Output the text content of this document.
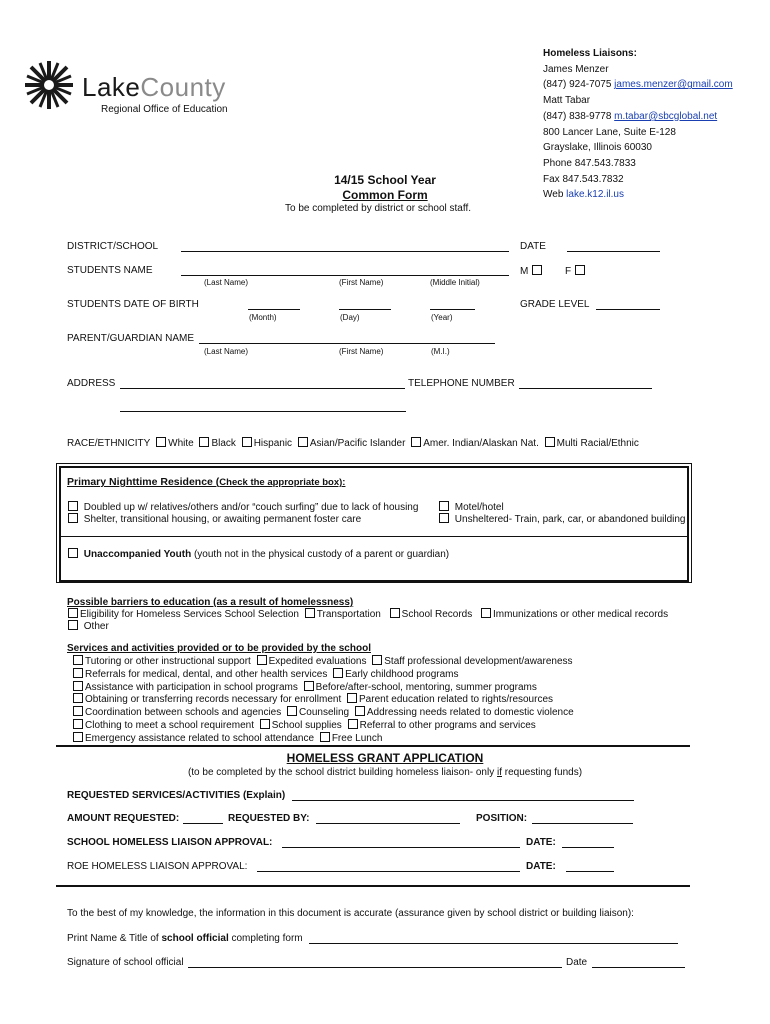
LakeCounty
Regional Office of Education
Homeless Liaisons:
James Menzer
(847) 924-7075 james.menzer@gmail.com
Matt Tabar
(847) 838-9778 m.tabar@sbcglobal.net
800 Lancer Lane, Suite E-128
Grayslake, Illinois 60030
Phone 847.543.7833
Fax 847.543.7832
Web lake.k12.il.us
14/15 School Year
Common Form
To be completed by district or school staff.
DISTRICT/SCHOOL	DATE
STUDENTS NAME	M	F
(Last Name)	(First Name)	(Middle Initial)
STUDENTS DATE OF BIRTH
(Month)	(Day)	(Year)
GRADE LEVEL
PARENT/GUARDIAN NAME
(Last Name)	(First Name)	(M.I.)
ADDRESS	TELEPHONE NUMBER
RACE/ETHNICITY White Black Hispanic Asian/Pacific Islander Amer. Indian/Alaskan Nat. Multi Racial/Ethnic
Primary Nighttime Residence (Check the appropriate box):
Doubled up w/ relatives/others and/or “couch surfing” due to lack of housing
Shelter, transitional housing, or awaiting permanent foster care
Motel/hotel
Unsheltered- Train, park, car, or abandoned building
Unaccompanied Youth (youth not in the physical custody of a parent or guardian)
Possible barriers to education (as a result of homelessness)
Eligibility for Homeless Services School Selection Transportation School Records Immunizations or other medical records
Other
Services and activities provided or to be provided by the school
Tutoring or other instructional support Expedited evaluations Staff professional development/awareness
Referrals for medical, dental, and other health services Early childhood programs
Assistance with participation in school programs Before/after-school, mentoring, summer programs
Obtaining or transferring records necessary for enrollment Parent education related to rights/resources
Coordination between schools and agencies Counseling Addressing needs related to domestic violence
Clothing to meet a school requirement School supplies Referral to other programs and services
Emergency assistance related to school attendance Free Lunch
HOMELESS GRANT APPLICATION
(to be completed by the school district building homeless liaison- only if requesting funds)
REQUESTED SERVICES/ACTIVITIES (Explain)
AMOUNT REQUESTED:	REQUESTED BY:	POSITION:
SCHOOL HOMELESS LIAISON APPROVAL:	DATE:
ROE HOMELESS LIAISON APPROVAL:	DATE:
To the best of my knowledge, the information in this document is accurate (assurance given by school district or building liaison):
Print Name & Title of school official completing form
Signature of school official	Date
